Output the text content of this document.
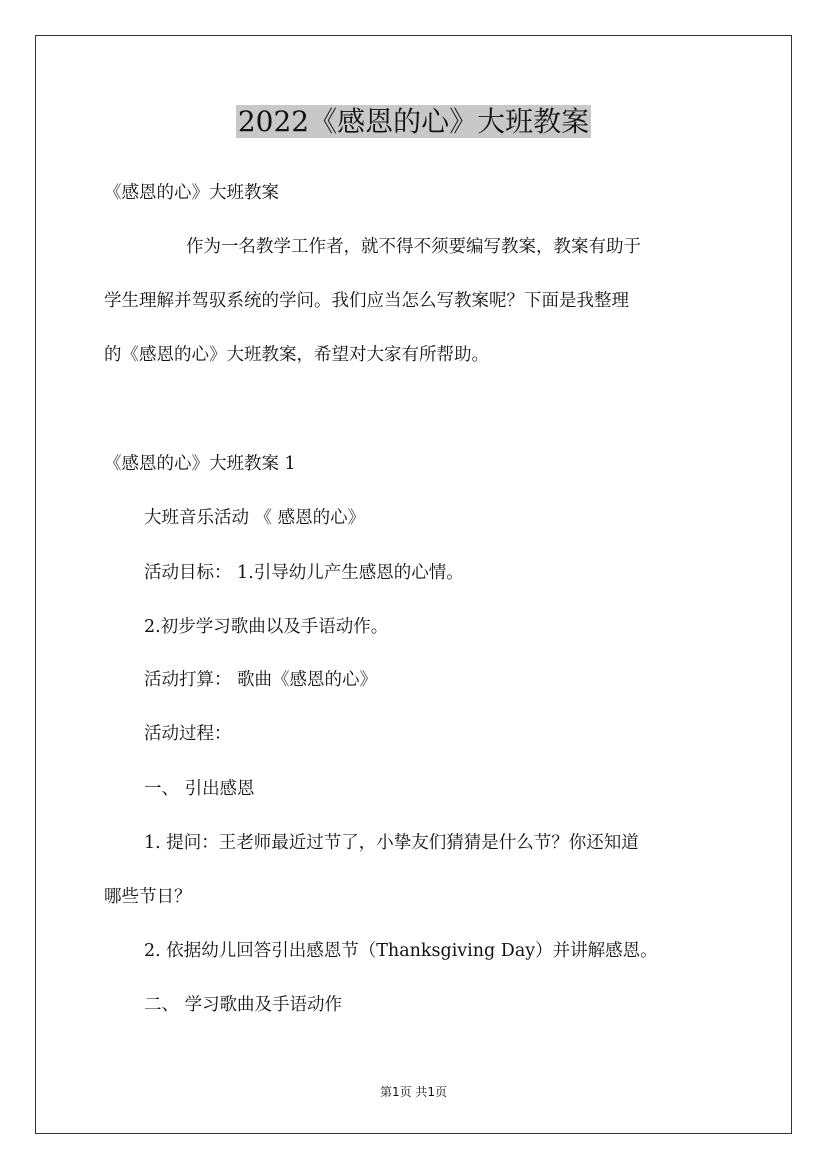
2022《感恩的心》大班教案
《感恩的心》大班教案
作为一名教学工作者，就不得不须要编写教案，教案有助于
学生理解并驾驭系统的学问。我们应当怎么写教案呢？下面是我整理
的《感恩的心》大班教案，希望对大家有所帮助。
《感恩的心》大班教案 1
大班音乐活动 《 感恩的心》
活动目标： 1.引导幼儿产生感恩的心情。
2.初步学习歌曲以及手语动作。
活动打算： 歌曲《感恩的心》
活动过程：
一、 引出感恩
1. 提问：王老师最近过节了，小挚友们猜猜是什么节？你还知道
哪些节日？
2. 依据幼儿回答引出感恩节（Thanksgiving Day）并讲解感恩。
二、 学习歌曲及手语动作
第1页 共1页
